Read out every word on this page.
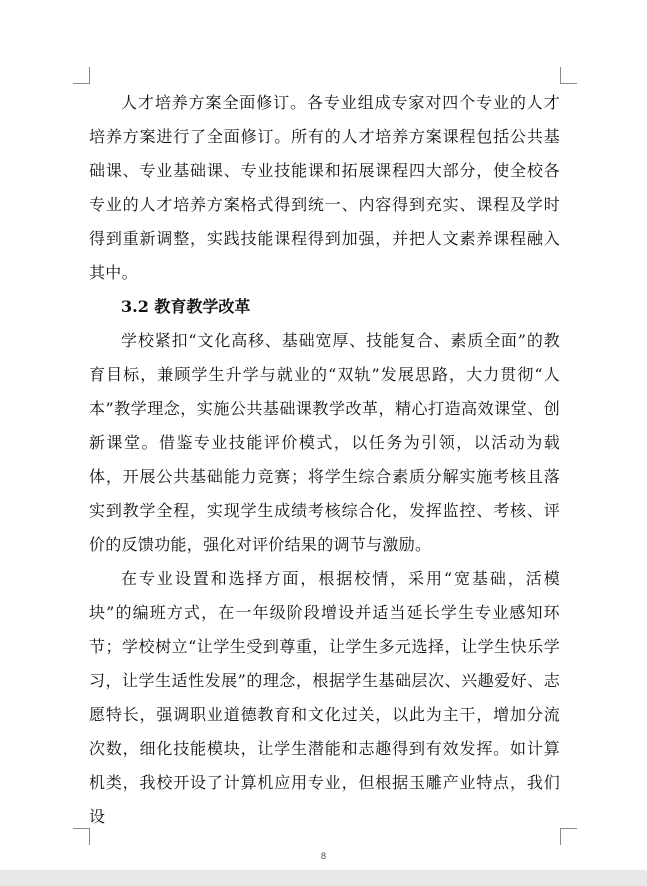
人才培养方案全面修订。各专业组成专家对四个专业的人才培养方案进行了全面修订。所有的人才培养方案课程包括公共基础课、专业基础课、专业技能课和拓展课程四大部分，使全校各专业的人才培养方案格式得到统一、内容得到充实、课程及学时得到重新调整，实践技能课程得到加强，并把人文素养课程融入其中。

3.2 教育教学改革

学校紧扣“文化高移、基础宽厚、技能复合、素质全面”的教育目标，兼顾学生升学与就业的“双轨”发展思路，大力贯彻“人本”教学理念，实施公共基础课教学改革，精心打造高效课堂、创新课堂。借鉴专业技能评价模式，以任务为引领，以活动为载体，开展公共基础能力竞赛；将学生综合素质分解实施考核且落实到教学全程，实现学生成绩考核综合化，发挥监控、考核、评价的反馈功能，强化对评价结果的调节与激励。

在专业设置和选择方面，根据校情，采用“宽基础，活模块”的编班方式，在一年级阶段增设并适当延长学生专业感知环节；学校树立“让学生受到尊重，让学生多元选择，让学生快乐学习，让学生适性发展”的理念，根据学生基础层次、兴趣爱好、志愿特长，强调职业道德教育和文化过关，以此为主干，增加分流次数，细化技能模块，让学生潜能和志趣得到有效发挥。如计算机类，我校开设了计算机应用专业，但根据玉雕产业特点，我们设

8
